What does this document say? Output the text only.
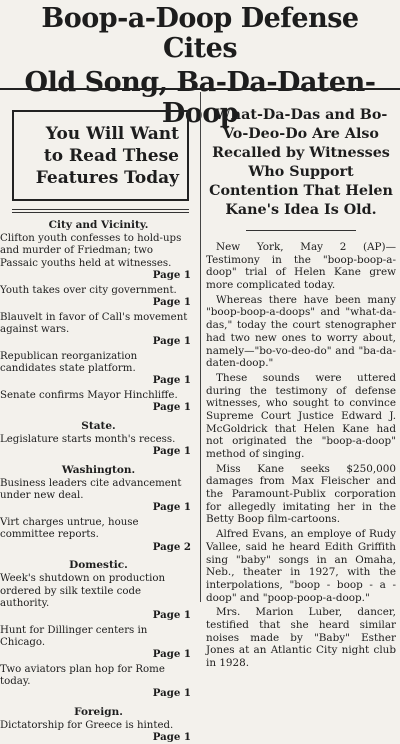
Boop-a-Doop Defense Cites
Old Song, Ba-Da-Daten-Doop
You Will Want
to Read These
Features Today
City and Vicinity.
Clifton youth confesses to hold-ups and murder of Friedman; two Passaic youths held at witnesses.
Page 1
Youth takes over city government.
Page 1
Blauvelt in favor of Call's movement against wars.
Page 1
Republican reorganization candidates state platform.
Page 1
Senate confirms Mayor Hinchliffe.
Page 1
State.
Legislature starts month's recess.
Page 1
Washington.
Business leaders cite advancement under new deal.
Page 1
Virt charges untrue, house committee reports.
Page 2
Domestic.
Week's shutdown on production ordered by silk textile code authority.
Page 1
Hunt for Dillinger centers in Chicago.
Page 1
Two aviators plan hop for Rome today.
Page 1
Foreign.
Dictatorship for Greece is hinted.
Page 1
What-Da-Das and Bo-Vo-Deo-Do Are Also Recalled by Witnesses Who Support Contention That Helen Kane's Idea Is Old.

New York, May 2 (AP)—Testimony in the "boop-boop-a-doop" trial of Helen Kane grew more complicated today.

Whereas there have been many "boop-boop-a-doops" and "what-da-das," today the court stenographer had two new ones to worry about, namely—"bo-vo-deo-do" and "ba-da-daten-doop."

These sounds were uttered during the testimony of defense witnesses, who sought to convince Supreme Court Justice Edward J. McGoldrick that Helen Kane had not originated the "boop-a-doop" method of singing.

Miss Kane seeks $250,000 damages from Max Fleischer and the Paramount-Publix corporation for allegedly imitating her in the Betty Boop film-cartoons.

Alfred Evans, an employe of Rudy Vallee, said he heard Edith Griffith sing "baby" songs in an Omaha, Neb., theater in 1927, with the interpolations, "boop - boop - a - doop" and "poop-poop-a-doop."

Mrs. Marion Luber, dancer, testified that she heard similar noises made by "Baby" Esther Jones at an Atlantic City night club in 1928.
